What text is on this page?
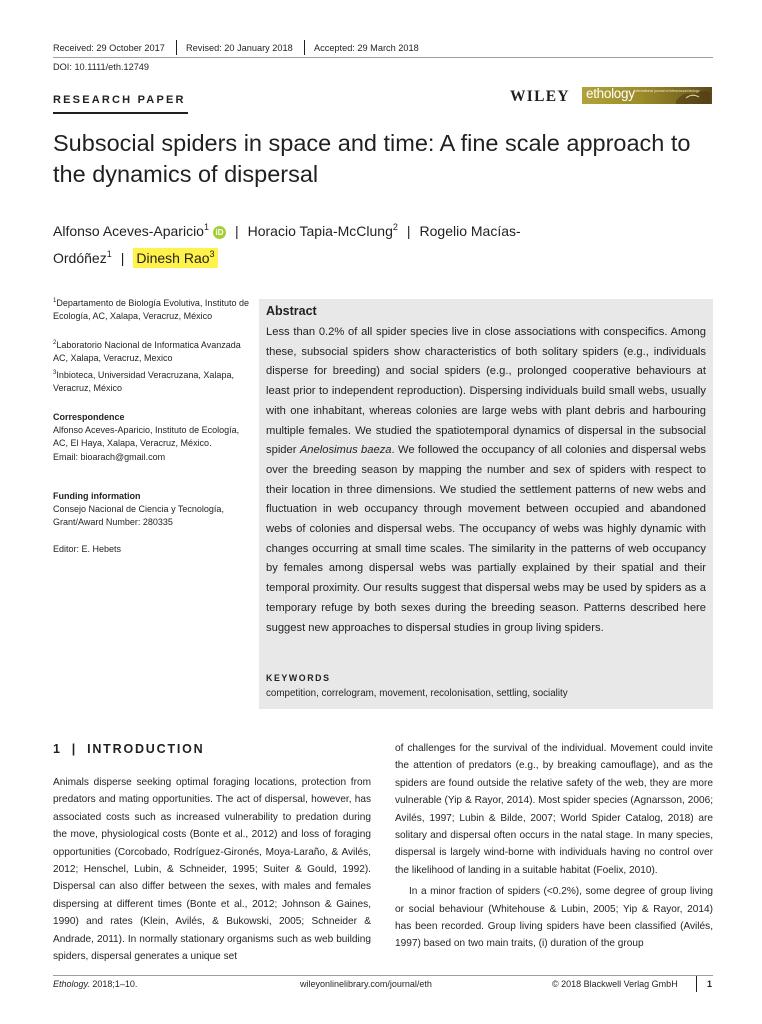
Received: 29 October 2017 Revised: 20 January 2018 Accepted: 29 March 2018
DOI: 10.1111/eth.12749
RESEARCH PAPER	WILEY ethology international journal of behavioural biology
Subsocial spiders in space and time: A fine scale approach to the dynamics of dispersal
Alfonso Aceves-Aparicio$^1$iD | Horacio Tapia-McClung$^2$ | Rogelio Macías-
Ordóñez$^1$ | Dinesh Rao$^3$
$^1$Departamento de Biología Evolutiva, Instituto de Ecología, AC, Xalapa, Veracruz, México
$^2$Laboratorio Nacional de Informatica Avanzada AC, Xalapa, Veracruz, Mexico
$^3$Inbioteca, Universidad Veracruzana, Xalapa, Veracruz, México
Correspondence
Alfonso Aceves-Aparicio, Instituto de Ecología, AC, El Haya, Xalapa, Veracruz, México.
Email: bioarach@gmail.com
Funding information
Consejo Nacional de Ciencia y Tecnología, Grant/Award Number: 280335
Editor: E. Hebets
Abstract
Less than 0.2% of all spider species live in close associations with conspecifics. Among these, subsocial spiders show characteristics of both solitary spiders (e.g., individuals disperse for breeding) and social spiders (e.g., prolonged cooperative behaviours at least prior to independent reproduction). Dispersing individuals build small webs, usually with one inhabitant, whereas colonies are large webs with plant debris and harbouring multiple females. We studied the spatiotemporal dynamics of dispersal in the subsocial spider Anelosimus baeza. We followed the occupancy of all colonies and dispersal webs over the breeding season by mapping the number and sex of spiders with respect to their location in three dimensions. We studied the settlement patterns of new webs and fluctuation in web occupancy through movement between occupied and abandoned webs of colonies and dispersal webs. The occupancy of webs was highly dynamic with changes occurring at small time scales. The similarity in the patterns of web occupancy by females among dispersal webs was partially explained by their spatial and their temporal proximity. Our results suggest that dispersal webs may be used by spiders as a temporary refuge by both sexes during the breeding season. Patterns described here suggest new approaches to dispersal studies in group living spiders.
KEYWORDS
competition, correlogram, movement, recolonisation, settling, sociality
1 | INTRODUCTION

Animals disperse seeking optimal foraging locations, protection from predators and mating opportunities. The act of dispersal, however, has associated costs such as increased vulnerability to predation during the move, physiological costs (Bonte et al., 2012) and loss of foraging opportunities (Corcobado, Rodríguez-Gironés, Moya-Laraño, & Avilés, 2012; Henschel, Lubin, & Schneider, 1995; Suiter & Gould, 1992). Dispersal can also differ between the sexes, with males and females dispersing at different times (Bonte et al., 2012; Johnson & Gaines, 1990) and rates (Klein, Avilés, & Bukowski, 2005; Schneider & Andrade, 2011). In normally stationary organisms such as web building spiders, dispersal generates a unique set

of challenges for the survival of the individual. Movement could invite the attention of predators (e.g., by breaking camouflage), and as the spiders are found outside the relative safety of the web, they are more vulnerable (Yip & Rayor, 2014). Most spider species (Agnarsson, 2006; Avilés, 1997; Lubin & Bilde, 2007; World Spider Catalog, 2018) are solitary and dispersal often occurs in the natal stage. In many species, dispersal is largely wind-borne with individuals having no control over the likelihood of landing in a suitable habitat (Foelix, 2010).

In a minor fraction of spiders (<0.2%), some degree of group living or social behaviour (Whitehouse & Lubin, 2005; Yip & Rayor, 2014) has been recorded. Group living spiders have been classified (Avilés, 1997) based on two main traits, (i) duration of the group

Ethology. 2018;1–10.	wileyonlinelibrary.com/journal/eth	© 2018 Blackwell Verlag GmbH	1
